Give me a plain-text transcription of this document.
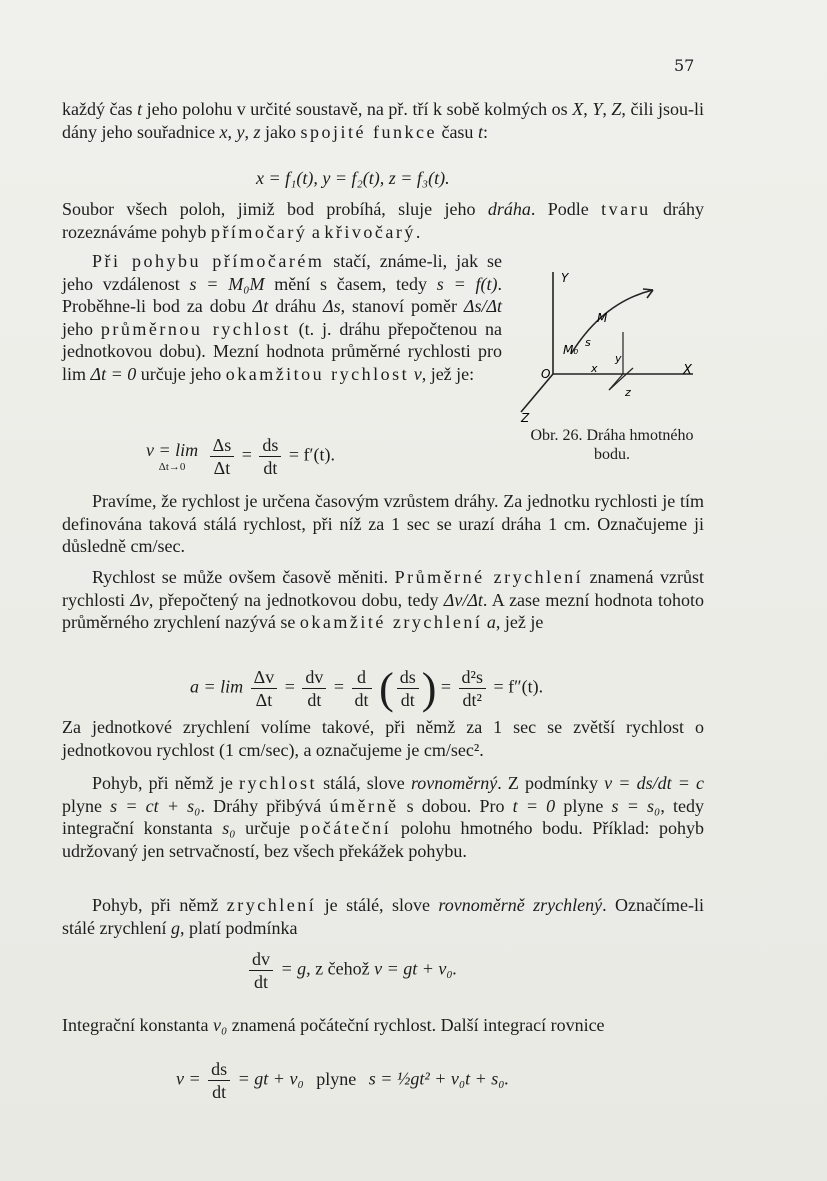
57
každý čas t jeho polohu v určité soustavě, na př. tří k sobě kolmých os X, Y, Z, čili jsou-li dány jeho souřadnice x, y, z jako spojité funkce času t:
x = f₁(t), y = f₂(t), z = f₃(t).
Soubor všech poloh, jimiž bod probíhá, sluje jeho dráha. Podle tvaru dráhy rozeznáváme pohyb přímočarý a křivočarý.
Při pohybu přímočarém stačí, známe-li, jak se jeho vzdálenost s = M₀M mění s časem, tedy s = f(t). Proběhne-li bod za dobu Δt dráhu Δs, stanoví poměr Δs/Δt jeho průměrnou rychlost (t. j. dráhu přepočtenou na jednotkovou dobu). Mezní hodnota průměrné rychlosti pro lim Δt = 0 určuje jeho okamžitou rychlost v, jež je:
Y
X
Z
O
M
M₀
s
x
y
z
Obr. 26. Dráha hmotného bodu.
v = lim
Δt→0
	$\frac{\Delta s}{\Delta t} = \frac{ds}{dt} = f'(t)$.
Pravíme, že rychlost je určena časovým vzrůstem dráhy. Za jednotku rychlosti je tím definována taková stálá rychlost, při níž za 1 sec se urazí dráha 1 cm. Označujeme ji důsledně cm/sec.
Rychlost se může ovšem časově měniti. Průměrné zrychlení znamená vzrůst rychlosti Δv, přepočtený na jednotkovou dobu, tedy Δv/Δt. A zase mezní hodnota tohoto průměrného zrychlení nazývá se okamžité zrychlení a, jež je
$a = \lim \frac{\Delta v}{\Delta t} = \frac{dv}{dt} = \frac{d}{dt}$ ( $\frac{ds}{dt}$ ) = $\frac{\text{d²s}}{\text{dt²}} = f''(t)$.
Za jednotkové zrychlení volíme takové, při němž za 1 sec se zvětší rychlost o jednotkovou rychlost (1 cm/sec), a označujeme je cm/sec².
Pohyb, při němž je rychlost stálá, slove rovnoměrný. Z podmínky v = ds/dt = c plyne s = ct + s₀. Dráhy přibývá úměrně s dobou. Pro t = 0 plyne s = s₀, tedy integrační konstanta s₀ určuje počáteční polohu hmotného bodu. Příklad: pohyb udržovaný jen setrvačností, bez všech překážek pohybu.
Pohyb, při němž zrychlení je stálé, slove rovnoměrně zrychlený. Označíme-li stálé zrychlení g, platí podmínka
$\frac{dv}{dt} = g$, z čehož v = gt + v₀.
Integrační konstanta v₀ znamená počáteční rychlost. Další integrací rovnice
$v = \frac{ds}{dt}$ = gt + v₀ plyne s = ½gt² + v₀t + s₀.
